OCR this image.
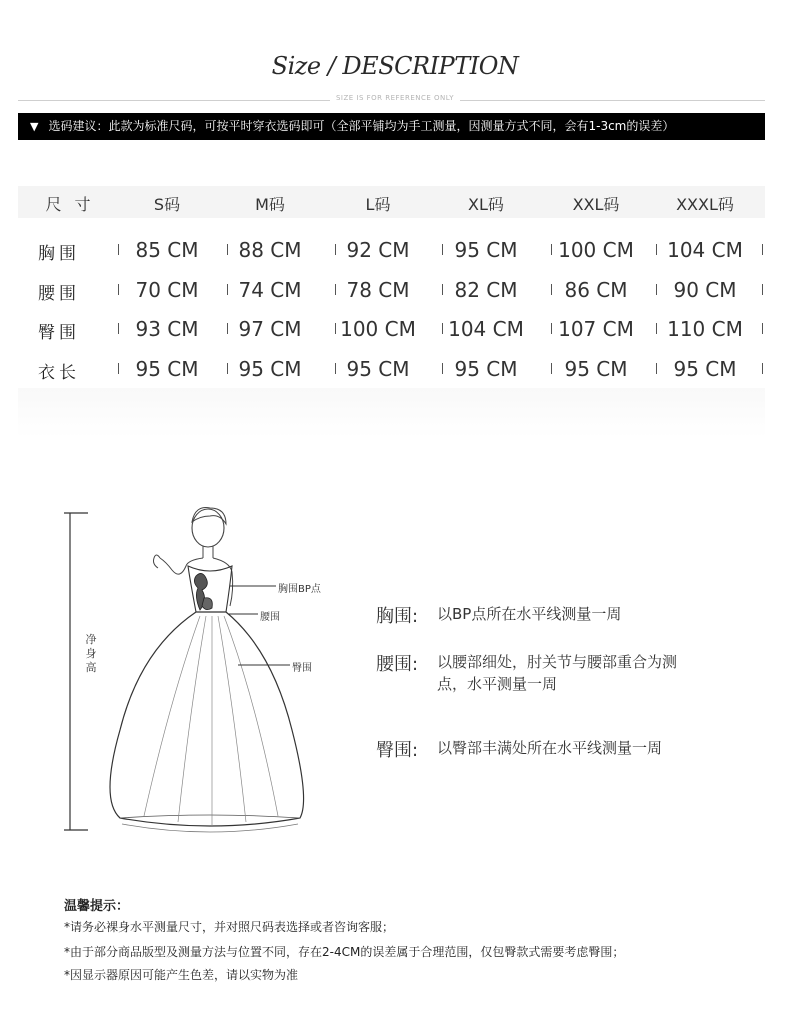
Size / DESCRIPTION
SIZE IS FOR REFERENCE ONLY
▼ 选码建议：此款为标准尺码，可按平时穿衣选码即可（全部平铺均为手工测量，因测量方式不同，会有1-3cm的误差）
尺 寸	S码	M码	L码	XL码	XXL码	XXXL码
胸围	85 CM	88 CM	92 CM	95 CM	100 CM	104 CM
腰围	70 CM	74 CM	78 CM	82 CM	86 CM	90 CM
臀围	93 CM	97 CM	100 CM	104 CM	107 CM	110 CM
衣长	95 CM	95 CM	95 CM	95 CM	95 CM	95 CM
净身高
胸围BP点
腰围
臀围
胸围: 以BP点所在水平线测量一周
腰围: 以腰部细处，肘关节与腰部重合为测
点，水平测量一周
臀围: 以臀部丰满处所在水平线测量一周
温馨提示：
*请务必裸身水平测量尺寸，并对照尺码表选择或者咨询客服；
*由于部分商品版型及测量方法与位置不同，存在2-4CM的误差属于合理范围，仅包臀款式需要考虑臀围；
*因显示器原因可能产生色差，请以实物为准
